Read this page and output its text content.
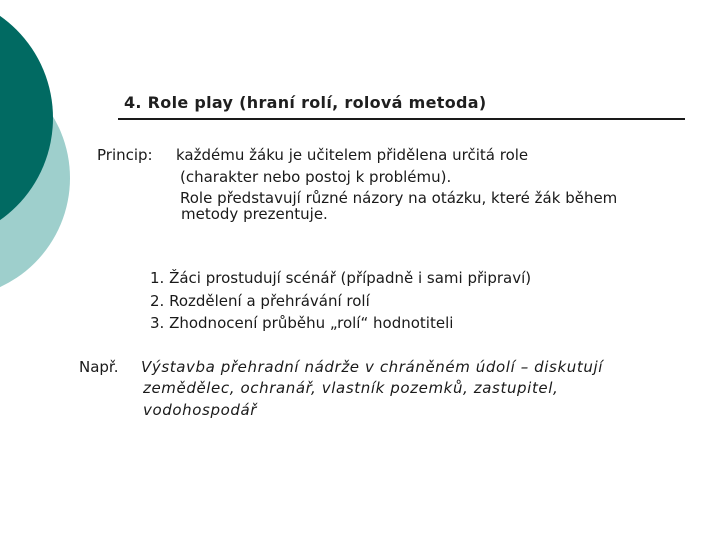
4. Role play (hraní rolí, rolová metoda)
Princip: každému žáku je učitelem přidělena určitá role
(charakter nebo postoj k problému).
Role představují různé názory na otázku, které žák během
metody prezentuje.
1. Žáci prostudují scénář (případně i sami připraví)
2. Rozdělení a přehrávání rolí
3. Zhodnocení průběhu „rolí“ hodnotiteli
Např. Výstavba přehradní nádrže v chráněném údolí – diskutují
zemědělec, ochranář, vlastník pozemků, zastupitel,
vodohospodář
